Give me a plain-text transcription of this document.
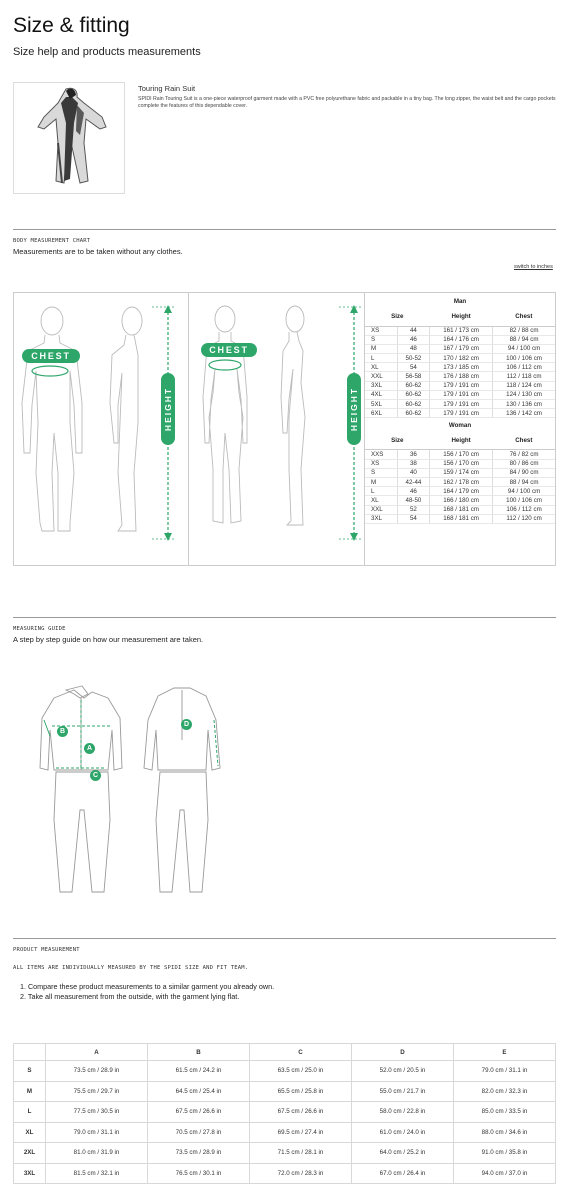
Size & fitting
Size help and products measurements
Touring Rain Suit
SPIDI Rain Touring Suit is a one-piece waterproof garment made with a PVC free polyurethane fabric and packable in a tiny bag. The long zipper, the waist belt and the cargo pockets complete the features of this dependable cover.
BODY MEASUREMENT CHART
Measurements are to be taken without any clothes.
switch to inches
CHEST
HEIGHT
CHEST
HEIGHT
Man			
Size		Height	Chest
XS	44	161 / 173 cm	82 / 88 cm
S	46	164 / 176 cm	88 / 94 cm
M	48	167 / 179 cm	94 / 100 cm
L	50-52	170 / 182 cm	100 / 106 cm
XL	54	173 / 185 cm	106 / 112 cm
XXL	56-58	176 / 188 cm	112 / 118 cm
3XL	60-62	179 / 191 cm	118 / 124 cm
4XL	60-62	179 / 191 cm	124 / 130 cm
5XL	60-62	179 / 191 cm	130 / 136 cm
6XL	60-62	179 / 191 cm	136 / 142 cm
Woman			
Size		Height	Chest
XXS	36	156 / 170 cm	76 / 82 cm
XS	38	156 / 170 cm	80 / 86 cm
S	40	159 / 174 cm	84 / 90 cm
M	42-44	162 / 178 cm	88 / 94 cm
L	46	164 / 179 cm	94 / 100 cm
XL	48-50	166 / 180 cm	100 / 106 cm
XXL	52	168 / 181 cm	106 / 112 cm
3XL	54	168 / 181 cm	112 / 120 cm
MEASURING GUIDE
A step by step guide on how our measurement are taken.
A
B
C
D
PRODUCT MEASUREMENT
ALL ITEMS ARE INDIVIDUALLY MEASURED BY THE SPIDI SIZE AND FIT TEAM.
1. Compare these product measurements to a similar garment you already own.
2. Take all measurement from the outside, with the garment lying flat.
	A	B	C	D	E
S	73.5 cm / 28.9 in	61.5 cm / 24.2 in	63.5 cm / 25.0 in	52.0 cm / 20.5 in	79.0 cm / 31.1 in
M	75.5 cm / 29.7 in	64.5 cm / 25.4 in	65.5 cm / 25.8 in	55.0 cm / 21.7 in	82.0 cm / 32.3 in
L	77.5 cm / 30.5 in	67.5 cm / 26.6 in	67.5 cm / 26.6 in	58.0 cm / 22.8 in	85.0 cm / 33.5 in
XL	79.0 cm / 31.1 in	70.5 cm / 27.8 in	69.5 cm / 27.4 in	61.0 cm / 24.0 in	88.0 cm / 34.6 in
2XL	81.0 cm / 31.9 in	73.5 cm / 28.9 in	71.5 cm / 28.1 in	64.0 cm / 25.2 in	91.0 cm / 35.8 in
3XL	81.5 cm / 32.1 in	76.5 cm / 30.1 in	72.0 cm / 28.3 in	67.0 cm / 26.4 in	94.0 cm / 37.0 in
